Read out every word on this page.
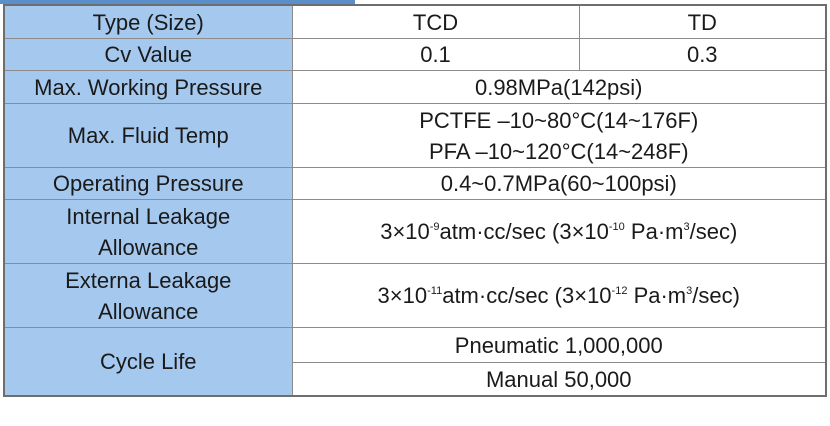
Type (Size)	TCD	TD
Cv Value	0.1	0.3
Max. Working Pressure	0.98MPa(142psi)	
Max. Fluid Temp	PCTFE –10~80°C(14~176F)
PFA –10~120°C(14~248F)	

Operating Pressure	0.4~0.7MPa(60~100psi)	

Internal Leakage
Allowance	$3\times 10^{-9}atm\cdot cc/\sec$ ($3\times 10^{-10}$ $Pa\cdot m^3/\sec$)	

Externa Leakage
Allowance	$3\times 10^{-11}atm\cdot cc/\sec$ ($3\times 10^{-12}$ $Pa\cdot m^3/\sec$)	
Cycle Life	Pneumatic 1,000,000	
	Manual 50,000	
